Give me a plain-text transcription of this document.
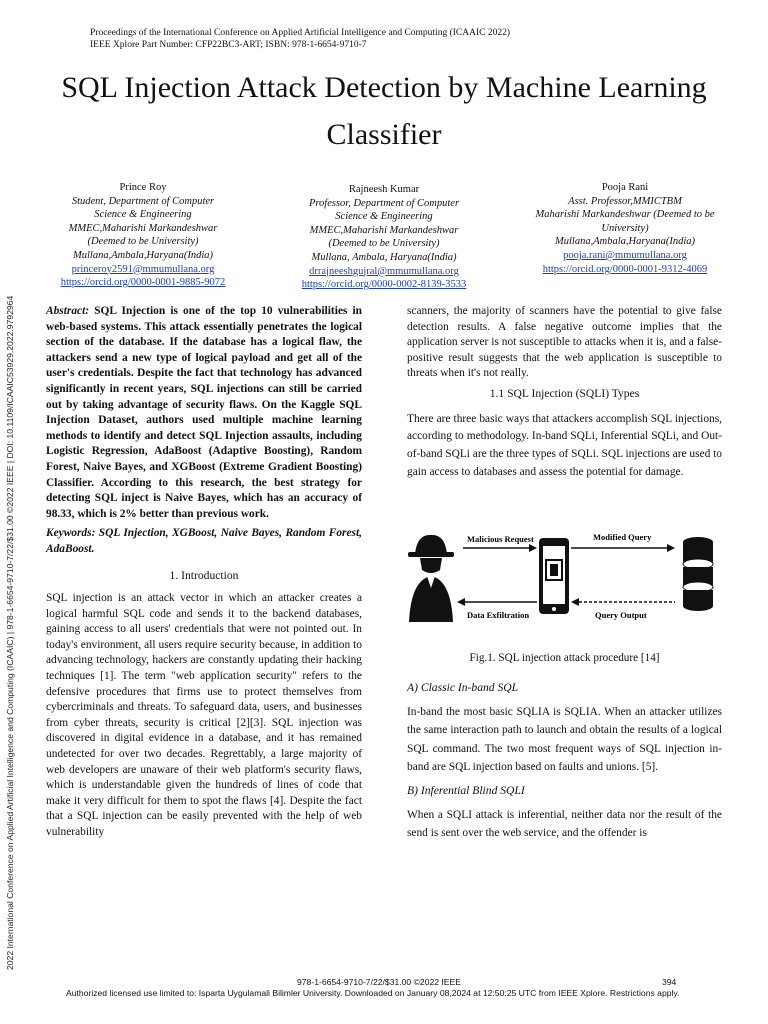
Proceedings of the International Conference on Applied Artificial Intelligence and Computing (ICAAIC 2022)
IEEE Xplore Part Number: CFP22BC3-ART; ISBN: 978-1-6654-9710-7
SQL Injection Attack Detection by Machine Learning
Classifier
Prince Roy
Student, Department of Computer
Science & Engineering
MMEC,Maharishi Markandeshwar
(Deemed to be University)
Mullana,Ambala,Haryana(India)
princeroy2591@mmumullana.org
https://orcid.org/0000-0001-9885-9072
Rajneesh Kumar
Professor, Department of Computer
Science & Engineering
MMEC,Maharishi Markandeshwar
(Deemed to be University)
Mullana, Ambala, Haryana(India)
drrajneeshgujral@mmumullana.org
https://orcid.org/0000-0002-8139-3533
Pooja Rani
Asst. Professor,MMICTBM
Maharishi Markandeshwar (Deemed to be
University)
Mullana,Ambala,Haryana(India)
pooja.rani@mmumullana.org
https://orcid.org/0000-0001-9312-4069
2022 International Conference on Applied Artificial Intelligence and Computing (ICAAIC) | 978-1-6654-9710-7/22/$31.00 ©2022 IEEE | DOI: 10.1109/ICAAIC53929.2022.9792964	Abstract: SQL Injection is one of the top 10 vulnerabilities in web-based systems. This attack essentially penetrates the logical section of the database. If the database has a logical flaw, the attackers send a new type of logical payload and get all of the user's credentials. Despite the fact that technology has advanced significantly in recent years, SQL injections can still be carried out by taking advantage of security flaws. On the Kaggle SQL Injection Dataset, authors used multiple machine learning methods to identify and detect SQL Injection assaults, including Logistic Regression, AdaBoost (Adaptive Boosting), Random Forest, Naive Bayes, and XGBoost (Extreme Gradient Boosting) Classifier. According to this research, the best strategy for detecting SQL inject is Naive Bayes, which has an accuracy of 98.33, which is 2% better than previous work.
Keywords: SQL Injection, XGBoost, Naive Bayes, Random Forest, AdaBoost.
1. Introduction
SQL injection is an attack vector in which an attacker creates a logical harmful SQL code and sends it to the backend databases, gaining access to all users' credentials that were not pointed out. In today's environment, all users require security because, in addition to advancing technology, hackers are constantly updating their hacking techniques [1]. The term "web application security" refers to the defensive procedures that firms use to protect themselves from cybercriminals and threats. To safeguard data, users, and businesses from cyber threats, security is critical [2][3]. SQL injection was discovered in digital evidence in a database, and it has remained undetected for over two decades. Regrettably, a large majority of web developers are unaware of their web platform's security flaws, which is understandable given the hundreds of lines of code that make it very difficult for them to spot the flaws [4]. Despite the fact that a SQL injection can be easily prevented with the help of web vulnerability
scanners, the majority of scanners have the potential to give false detection results. A false negative outcome implies that the application server is not susceptible to attacks when it is, and a false-positive result suggests that the web application is susceptible to threats when it's not really.
1.1 SQL Injection (SQLI) Types
There are three basic ways that attackers accomplish SQL injections, according to methodology. In-band SQLi, Inferential SQLi, and Out-of-band SQLi are the three types of SQLi. SQL injections are used to gain access to databases and assess the potential for damage.
Malicious Request	Modified Query
Data Exfiltration	Query Output
Fig.1. SQL injection attack procedure [14]
A) Classic In-band SQL
In-band the most basic SQLIA is SQLIA. When an attacker utilizes the same interaction path to launch and obtain the results of a logical SQL command. The two most frequent ways of SQL injection in-band are SQL injection based on faults and unions. [5].
B) Inferential Blind SQLI
When a SQLI attack is inferential, neither data nor the result of the send is sent over the web service, and the offender is
978-1-6654-9710-7/22/$31.00 ©2022 IEEE	394
Authorized licensed use limited to: Isparta Uygulamali Bilimler University. Downloaded on January 08,2024 at 12:50:25 UTC from IEEE Xplore. Restrictions apply.
